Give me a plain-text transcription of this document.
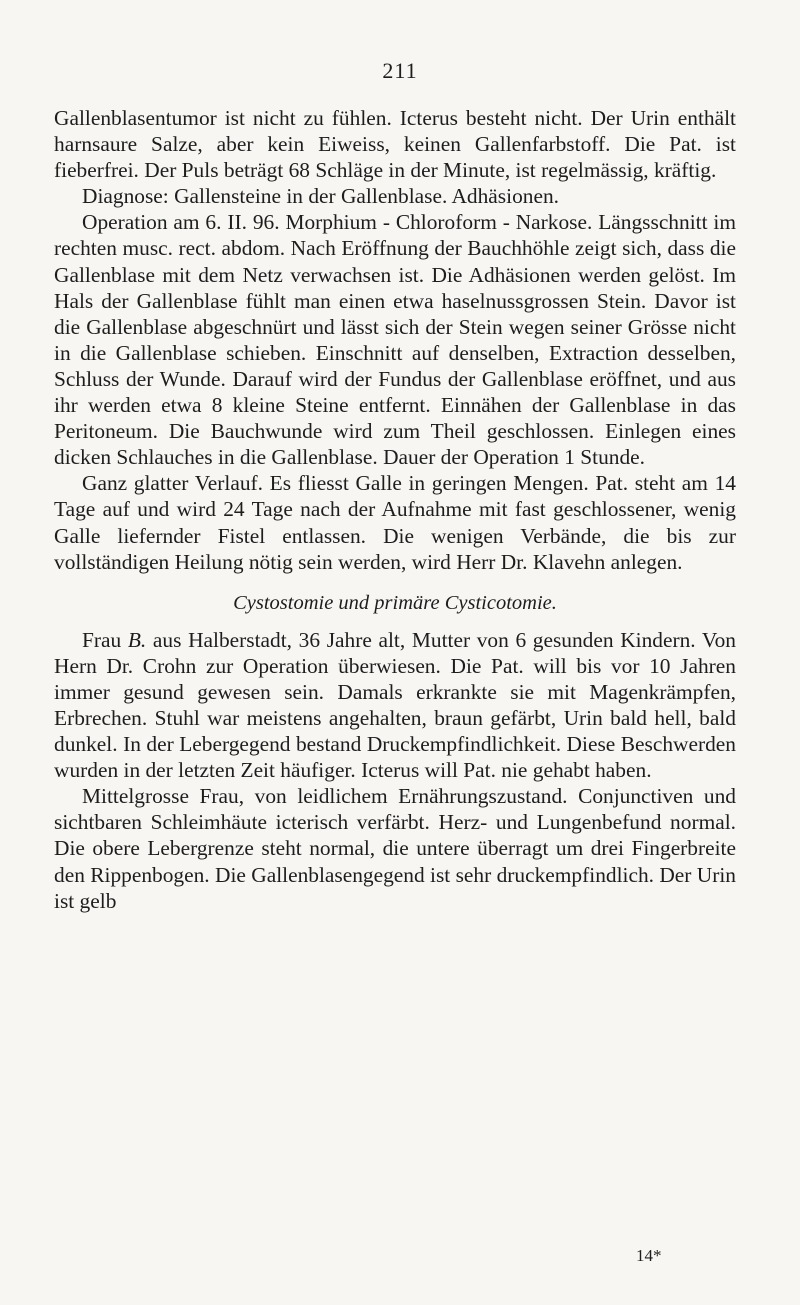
211

Gallenblasentumor ist nicht zu fühlen. Icterus besteht nicht. Der Urin enthält harnsaure Salze, aber kein Eiweiss, keinen Gallenfarbstoff. Die Pat. ist fieberfrei. Der Puls beträgt 68 Schläge in der Minute, ist regelmässig, kräftig.

Diagnose: Gallensteine in der Gallenblase. Adhäsionen.

Operation am 6. II. 96. Morphium - Chloroform - Narkose. Längsschnitt im rechten musc. rect. abdom. Nach Eröffnung der Bauchhöhle zeigt sich, dass die Gallenblase mit dem Netz verwachsen ist. Die Adhäsionen werden gelöst. Im Hals der Gallenblase fühlt man einen etwa haselnussgrossen Stein. Davor ist die Gallenblase abgeschnürt und lässt sich der Stein wegen seiner Grösse nicht in die Gallenblase schieben. Einschnitt auf denselben, Extraction desselben, Schluss der Wunde. Darauf wird der Fundus der Gallenblase eröffnet, und aus ihr werden etwa 8 kleine Steine entfernt. Einnähen der Gallenblase in das Peritoneum. Die Bauchwunde wird zum Theil geschlossen. Einlegen eines dicken Schlauches in die Gallenblase. Dauer der Operation 1 Stunde.

Ganz glatter Verlauf. Es fliesst Galle in geringen Mengen. Pat. steht am 14 Tage auf und wird 24 Tage nach der Aufnahme mit fast geschlossener, wenig Galle liefernder Fistel entlassen. Die wenigen Verbände, die bis zur vollständigen Heilung nötig sein werden, wird Herr Dr. Klavehn anlegen.

Cystostomie und primäre Cysticotomie.

Frau B. aus Halberstadt, 36 Jahre alt, Mutter von 6 gesunden Kindern. Von Hern Dr. Crohn zur Operation überwiesen. Die Pat. will bis vor 10 Jahren immer gesund gewesen sein. Damals erkrankte sie mit Magenkrämpfen, Erbrechen. Stuhl war meistens angehalten, braun gefärbt, Urin bald hell, bald dunkel. In der Lebergegend bestand Druckempfindlichkeit. Diese Beschwerden wurden in der letzten Zeit häufiger. Icterus will Pat. nie gehabt haben.

Mittelgrosse Frau, von leidlichem Ernährungszustand. Conjunctiven und sichtbaren Schleimhäute icterisch verfärbt. Herz- und Lungenbefund normal. Die obere Lebergrenze steht normal, die untere überragt um drei Fingerbreite den Rippenbogen. Die Gallenblasengegend ist sehr druckempfindlich. Der Urin ist gelb

14*
